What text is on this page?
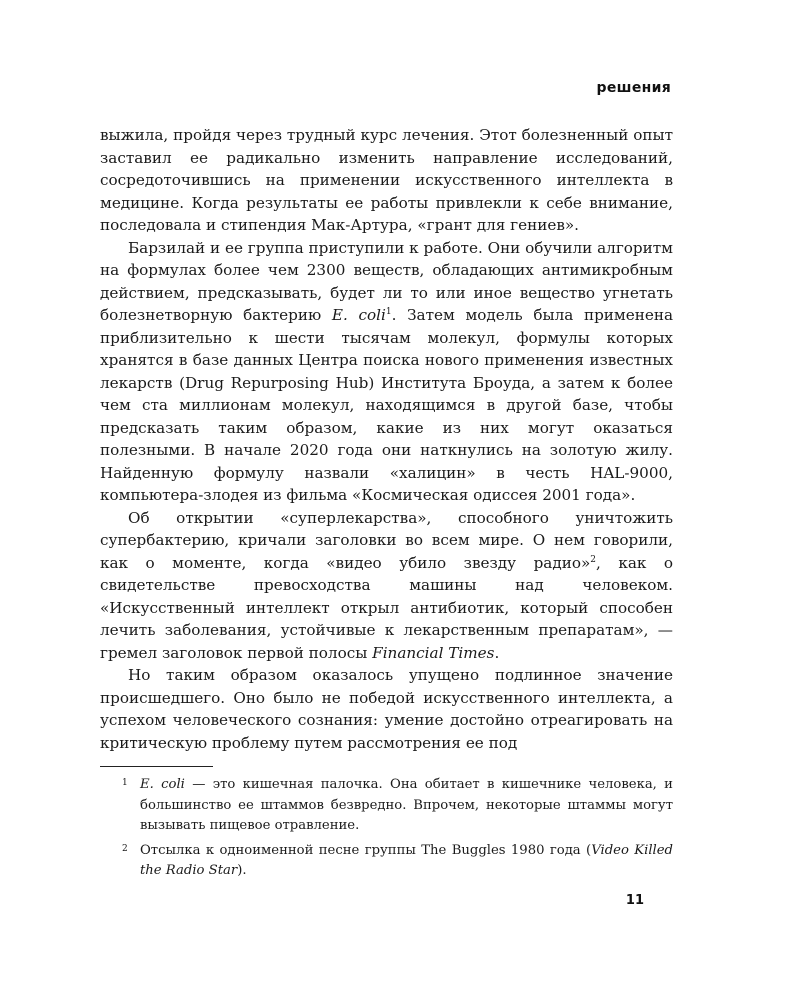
решения

выжила, пройдя через трудный курс лечения. Этот болезненный опыт заставил ее радикально изменить направление исследований, сосредоточившись на применении искусственного интеллекта в медицине. Когда результаты ее работы привлекли к себе внимание, последовала и стипендия Мак-Артура, «грант для гениев».

Барзилай и ее группа приступили к работе. Они обучили алгоритм на формулах более чем 2300 веществ, обладающих антимикробным действием, предсказывать, будет ли то или иное вещество угнетать болезнетворную бактерию E. coli$^1$. Затем модель была применена приблизительно к шести тысячам молекул, формулы которых хранятся в базе данных Центра поиска нового применения известных лекарств (Drug Repurposing Hub) Института Броуда, а затем к более чем ста миллионам молекул, находящимся в другой базе, чтобы предсказать таким образом, какие из них могут оказаться полезными. В начале 2020 года они наткнулись на золотую жилу. Найденную формулу назвали «халицин» в честь HAL-9000, компьютера-злодея из фильма «Космическая одиссея 2001 года».

Об открытии «суперлекарства», способного уничтожить супербактерию, кричали заголовки во всем мире. О нем говорили, как о моменте, когда «видео убило звезду радио»$^2$, как о свидетельстве превосходства машины над человеком. «Искусственный интеллект открыл антибиотик, который способен лечить заболевания, устойчивые к лекарственным препаратам», — гремел заголовок первой полосы Financial Times.

Но таким образом оказалось упущено подлинное значение происшедшего. Оно было не победой искусственного интеллекта, а успехом человеческого сознания: умение достойно отреагировать на критическую проблему путем рассмотрения ее под

1 E. coli — это кишечная палочка. Она обитает в кишечнике человека, и большинство ее штаммов безвредно. Впрочем, некоторые штаммы могут вызывать пищевое отравление.
2 Отсылка к одноименной песне группы The Buggles 1980 года (Video Killed the Radio Star).
11
